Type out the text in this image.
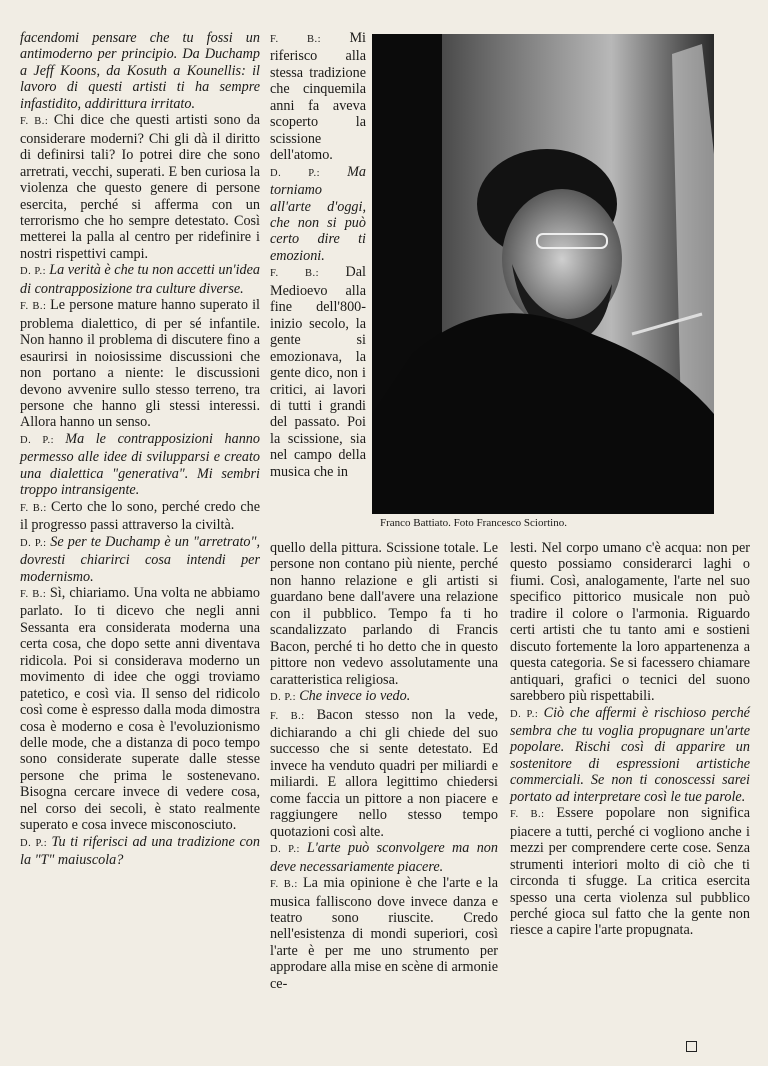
facendomi pensare che tu fossi un antimoderno per principio. Da Duchamp a Jeff Koons, da Kosuth a Kounellis: il lavoro di questi artisti ti ha sempre infastidito, addirittura irritato.

F. B.: Chi dice che questi artisti sono da considerare moderni? Chi gli dà il diritto di definirsi tali? Io potrei dire che sono arretrati, vecchi, superati. E ben curiosa la violenza che questo genere di persone esercita, perché si afferma con un terrorismo che ho sempre detestato. Così metterei la palla al centro per ridefinire i nostri rispettivi campi.

D. P.: La verità è che tu non accetti un'idea di contrapposizione tra culture diverse.

F. B.: Le persone mature hanno superato il problema dialettico, di per sé infantile. Non hanno il problema di discutere fino a esaurirsi in noiosissime discussioni che non portano a niente: le discussioni devono avvenire sullo stesso terreno, tra persone che hanno gli stessi interessi. Allora hanno un senso.

D. P.: Ma le contrapposizioni hanno permesso alle idee di svilupparsi e creato una dialettica "generativa". Mi sembri troppo intransigente.

F. B.: Certo che lo sono, perché credo che il progresso passi attraverso la civiltà.

D. P.: Se per te Duchamp è un "arretrato", dovresti chiarirci cosa intendi per modernismo.

F. B.: Sì, chiariamo. Una volta ne abbiamo parlato. Io ti dicevo che negli anni Sessanta era considerata moderna una certa cosa, che dopo sette anni diventava ridicola. Poi si considerava moderno un movimento di idee che oggi troviamo patetico, e così via. Il senso del ridicolo così come è espresso dalla moda dimostra cosa è moderno e cosa è l'evoluzionismo delle mode, che a distanza di poco tempo sono considerate superate dalle stesse persone che prima le sostenevano. Bisogna cercare invece di vedere cosa, nel corso dei secoli, è stato realmente superato e cosa invece misconosciuto.

D. P.: Tu ti riferisci ad una tradizione con la "T" maiuscola?

F. B.: Mi riferisco alla stessa tradizione che cinquemila anni fa aveva scoperto la scissione dell'atomo.

D. P.: Ma torniamo all'arte d'oggi, che non si può certo dire ti emozioni.

F. B.: Dal Medioevo alla fine dell'800-inizio secolo, la gente si emozionava, la gente dico, non i critici, ai lavori di tutti i grandi del passato. Poi la scissione, sia nel campo della musica che in

quello della pittura. Scissione totale. Le persone non contano più niente, perché non hanno relazione e gli artisti si guardano bene dall'avere una relazione con il pubblico. Tempo fa ti ho scandalizzato parlando di Francis Bacon, perché ti ho detto che in questo pittore non vedevo assolutamente una caratteristica religiosa.

D. P.: Che invece io vedo.

F. B.: Bacon stesso non la vede, dichiarando a chi gli chiede del suo successo che si sente detestato. Ed invece ha venduto quadri per miliardi e miliardi. E allora legittimo chiedersi come faccia un pittore a non piacere e raggiungere nello stesso tempo quotazioni così alte.

D. P.: L'arte può sconvolgere ma non deve necessariamente piacere.

F. B.: La mia opinione è che l'arte e la musica falliscono dove invece danza e teatro sono riuscite. Credo nell'esistenza di mondi superiori, così l'arte è per me uno strumento per approdare alla mise en scène di armonie ce-

lesti. Nel corpo umano c'è acqua: non per questo possiamo considerarci laghi o fiumi. Così, analogamente, l'arte nel suo specifico pittorico musicale non può tradire il colore o l'armonia. Riguardo certi artisti che tu tanto ami e sostieni discuto fortemente la loro appartenenza a questa categoria. Se si facessero chiamare antiquari, grafici o tecnici del suono sarebbero più rispettabili.

D. P.: Ciò che affermi è rischioso perché sembra che tu voglia propugnare un'arte popolare. Rischi così di apparire un sostenitore di espressioni artistiche commerciali. Se non ti conoscessi sarei portato ad interpretare così le tue parole.

F. B.: Essere popolare non significa piacere a tutti, perché ci vogliono anche i mezzi per comprendere certe cose. Senza strumenti interiori molto di ciò che ti circonda ti sfugge. La critica esercita spesso una certa violenza sul pubblico perché gioca sul fatto che la gente non riesce a capire l'arte propugnata.

Franco Battiato. Foto Francesco Sciortino.
